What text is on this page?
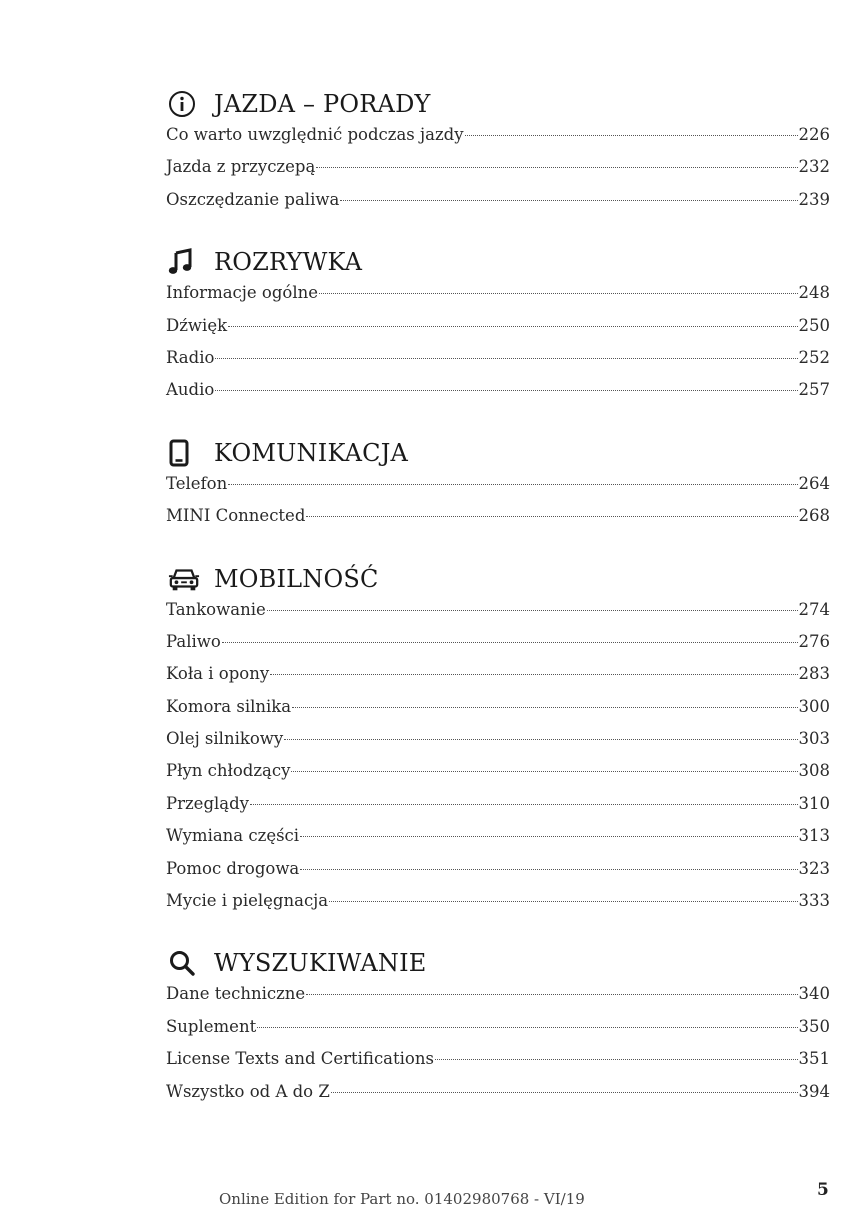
JAZDA – PORADY
Co warto uwzględnić podczas jazdy	226
Jazda z przyczepą	232
Oszczędzanie paliwa	239
ROZRYWKA
Informacje ogólne	248
Dźwięk	250
Radio	252
Audio	257
KOMUNIKACJA
Telefon	264
MINI Connected	268
MOBILNOŚĆ
Tankowanie	274
Paliwo	276
Koła i opony	283
Komora silnika	300
Olej silnikowy	303
Płyn chłodzący	308
Przeglądy	310
Wymiana części	313
Pomoc drogowa	323
Mycie i pielęgnacja	333
WYSZUKIWANIE
Dane techniczne	340
Suplement	350
License Texts and Certifications	351
Wszystko od A do Z	394
Online Edition for Part no. 01402980768 - VI/19	5
